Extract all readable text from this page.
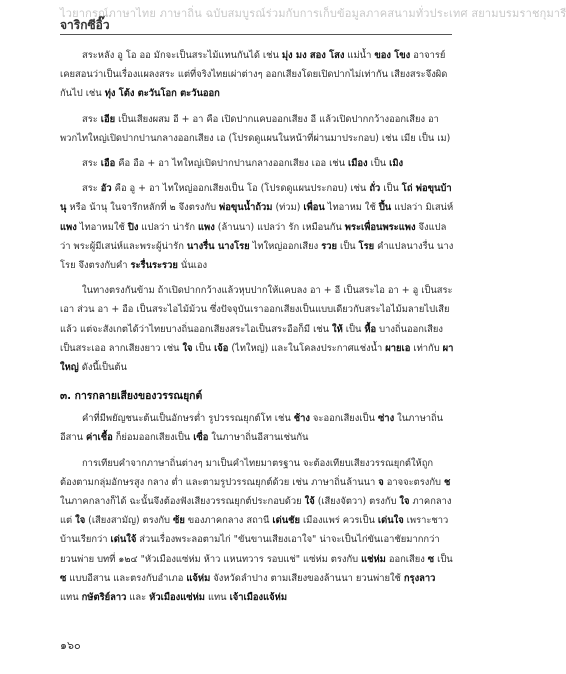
ไวยากรณ์ภาษาไทย ภาษาถิ่น ฉบับสมบูรณ์ร่วมกับการเก็บข้อมูลภาคสนามทั่วประเทศ สยามบรมราชกุมารี
จาริกซีอิ๊ว

สระหลัง อู โอ ออ มักจะเป็นสระไม้แทนกันได้ เช่น มุ่ง มง สอง โสง แม่น้ำ ของ โขง อาจารย์เคยสอนว่าเป็นเรื่องแผลงสระ แต่ที่จริงไทยเผ่าต่างๆ ออกเสียงโดยเปิดปากไม่เท่ากัน เสียงสระจึงผิดกันไป เช่น ทุ่ง โต้ง ตะวันโอก ตะวันออก

สระ เอีย เป็นเสียงผสม อี + อา คือ เปิดปากแคบออกเสียง อี แล้วเปิดปากกว้างออกเสียง อา พวกไทใหญ่เปิดปากปานกลางออกเสียง เอ (โปรดดูแผนในหน้าที่ผ่านมาประกอบ) เช่น เมีย เป็น เม)

สระ เอือ คือ อือ + อา ไทใหญ่เปิดปากปานกลางออกเสียง เออ เช่น เมือง เป็น เมิง

สระ อัว คือ อู + อา ไทใหญ่ออกเสียงเป็น โอ (โปรดดูแผนประกอบ) เช่น ถั่ว เป็น โถ่ พ่อขุนบ้านุ หรือ น้านุ ในจารึกหลักที่ ๒ จึงตรงกับ พ่อขุนน้ำถ้วม (ท่วม) เพื่อน ไทอาหม ใช้ ปึ้น แปลว่า มิเสน่ห์ แพง ไทอาหมใช้ ปิง แปลว่า น่ารัก แพง (ล้านนา) แปลว่า รัก เหมือนกัน พระเพื่อนพระแพง จึงแปลว่า พระผู้มีเสน่ห์และพระผู้น่ารัก นางรื่น นางโรย ไทใหญ่ออกเสียง รวย เป็น โรย คำแปลนางรื่น นางโรย จึงตรงกับคำ ระรื่นระรวย นั่นเอง

ในทางตรงกันข้าม ถ้าเปิดปากกว้างแล้วหุบปากให้แคบลง อา + อี เป็นสระไอ อา + อู เป็นสระเอา ส่วน อา + อือ เป็นสระไอไม้ม้วน ซึ่งปัจจุบันเราออกเสียงเป็นแบบเดียวกับสระไอไม้มลายไปเสียแล้ว แต่จะสังเกตได้ว่าไทยบางถิ่นออกเสียงสระไอเป็นสระอือก็มี เช่น ให้ เป็น หื้อ บางถิ่นออกเสียงเป็นสระเออ ลากเสียงยาว เช่น ใจ เป็น เจ้อ (ไทใหญ่) และในโคลงประกาศแช่งน้ำ ผายเอ เท่ากับ ผาใหญ่ ดังนี้เป็นต้น

๓. การกลายเสียงของวรรณยุกต์

คำที่มีพยัญชนะต้นเป็นอักษรต่ำ รูปวรรณยุกต์โท เช่น ช้าง จะออกเสียงเป็น ซ่าง ในภาษาถิ่นอีสาน ค่าเชื้อ ก็ย่อมออกเสียงเป็น เซื่อ ในภาษาถิ่นอีสานเช่นกัน

การเทียบคำจากภาษาถิ่นต่างๆ มาเป็นคำไทยมาตรฐาน จะต้องเทียบเสียงวรรณยุกต์ให้ถูกต้องตามกลุ่มอักษรสูง กลาง ต่ำ และตามรูปวรรณยุกต์ด้วย เช่น ภาษาถิ่นล้านนา จ อาจจะตรงกับ ช ในภาคกลางก็ได้ ฉะนั้นจึงต้องฟังเสียงวรรณยุกต์ประกอบด้วย ใจ้ (เสียงจัตวา) ตรงกับ ใจ ภาคกลาง แต่ ใจ (เสียงสามัญ) ตรงกับ ซ้ย ของภาคกลาง สถานี เด่นชัย เมืองแพร่ ควรเป็น เด่นใจ เพราะชาวบ้านเรียกว่า เด่นใจ้ ส่วนเรื่องพระลอตามไก่ "ขันขานเสียงเอาใจ" น่าจะเป็นไก่ขันเอาชัยมากกว่า ยวนพ่าย บทที่ ๑๒๔ "หัวเมืองแซ่ห่ม ห้าว แหนทวาร รอบแช่" แซ่ห่ม ตรงกับ แช่ห่ม ออกเสียง ซ เป็น ซ แบบอีสาน และตรงกับอำเภอ แจ้ห่ม จังหวัดลำปาง ตามเสียงของล้านนา ยวนพ่ายใช้ กรุงลาว แทน กษัตริย์ลาว และ หัวเมืองแซ่ห่ม แทน เจ้าเมืองแจ้ห่ม

๑๖๐
